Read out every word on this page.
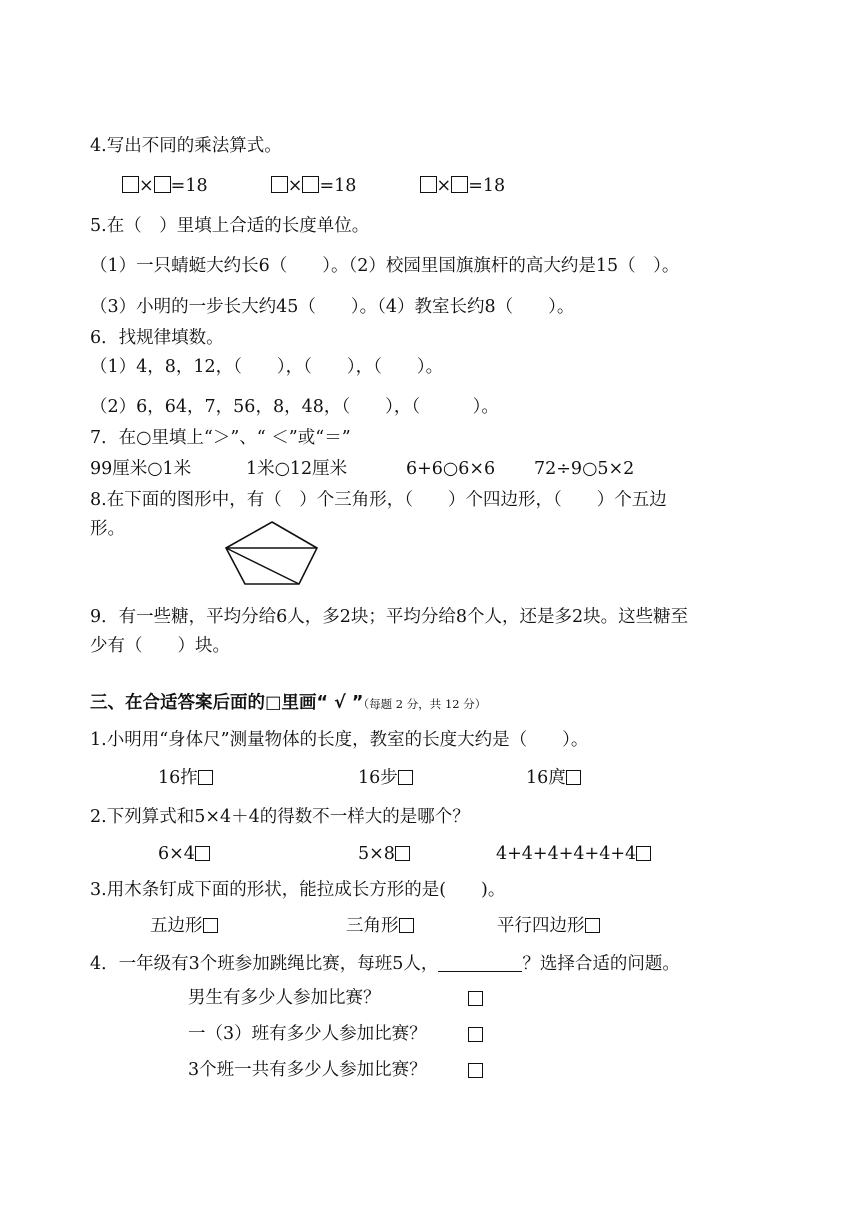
4.写出不同的乘法算式。
× =18	× =18	× =18
5.在（　）里填上合适的长度单位。
（1）一只蜻蜓大约长6（　　）。（2）校园里国旗旗杆的高大约是15（　）。
（3）小明的一步长大约45（　　）。（4）教室长约8（　　）。
6．找规律填数。
（1）4，8，12，（　　），（　　），（　　）。
（2）6，64，7，56，8，48，（　　），（　　　）。
7．在○里填上“＞”、“ ＜”或“＝”
99厘米○1米	1米○12厘米	6+6○6×6 72÷9○5×2
8.在下面的图形中，有（　）个三角形，（　　）个四边形，（　　）个五边
形。
9．有一些糖，平均分给6人，多2块；平均分给8个人，还是多2块。这些糖至
少有（　　）块。
三、在合适答案后面的□里画“ √ ”（每题 2 分，共 12 分）
1.小明用“身体尺”测量物体的长度，教室的长度大约是（　　）。
16拃	16步	16庹
2.下列算式和5×4＋4的得数不一样大的是哪个？
6×4	5×8	4+4+4+4+4+4
3.用木条钉成下面的形状，能拉成长方形的是(　　)。
五边形	三角形	平行四边形
4．一年级有3个班参加跳绳比赛，每班5人，	？选择合适的问题。
男生有多少人参加比赛？
一（3）班有多少人参加比赛？
3个班一共有多少人参加比赛？
